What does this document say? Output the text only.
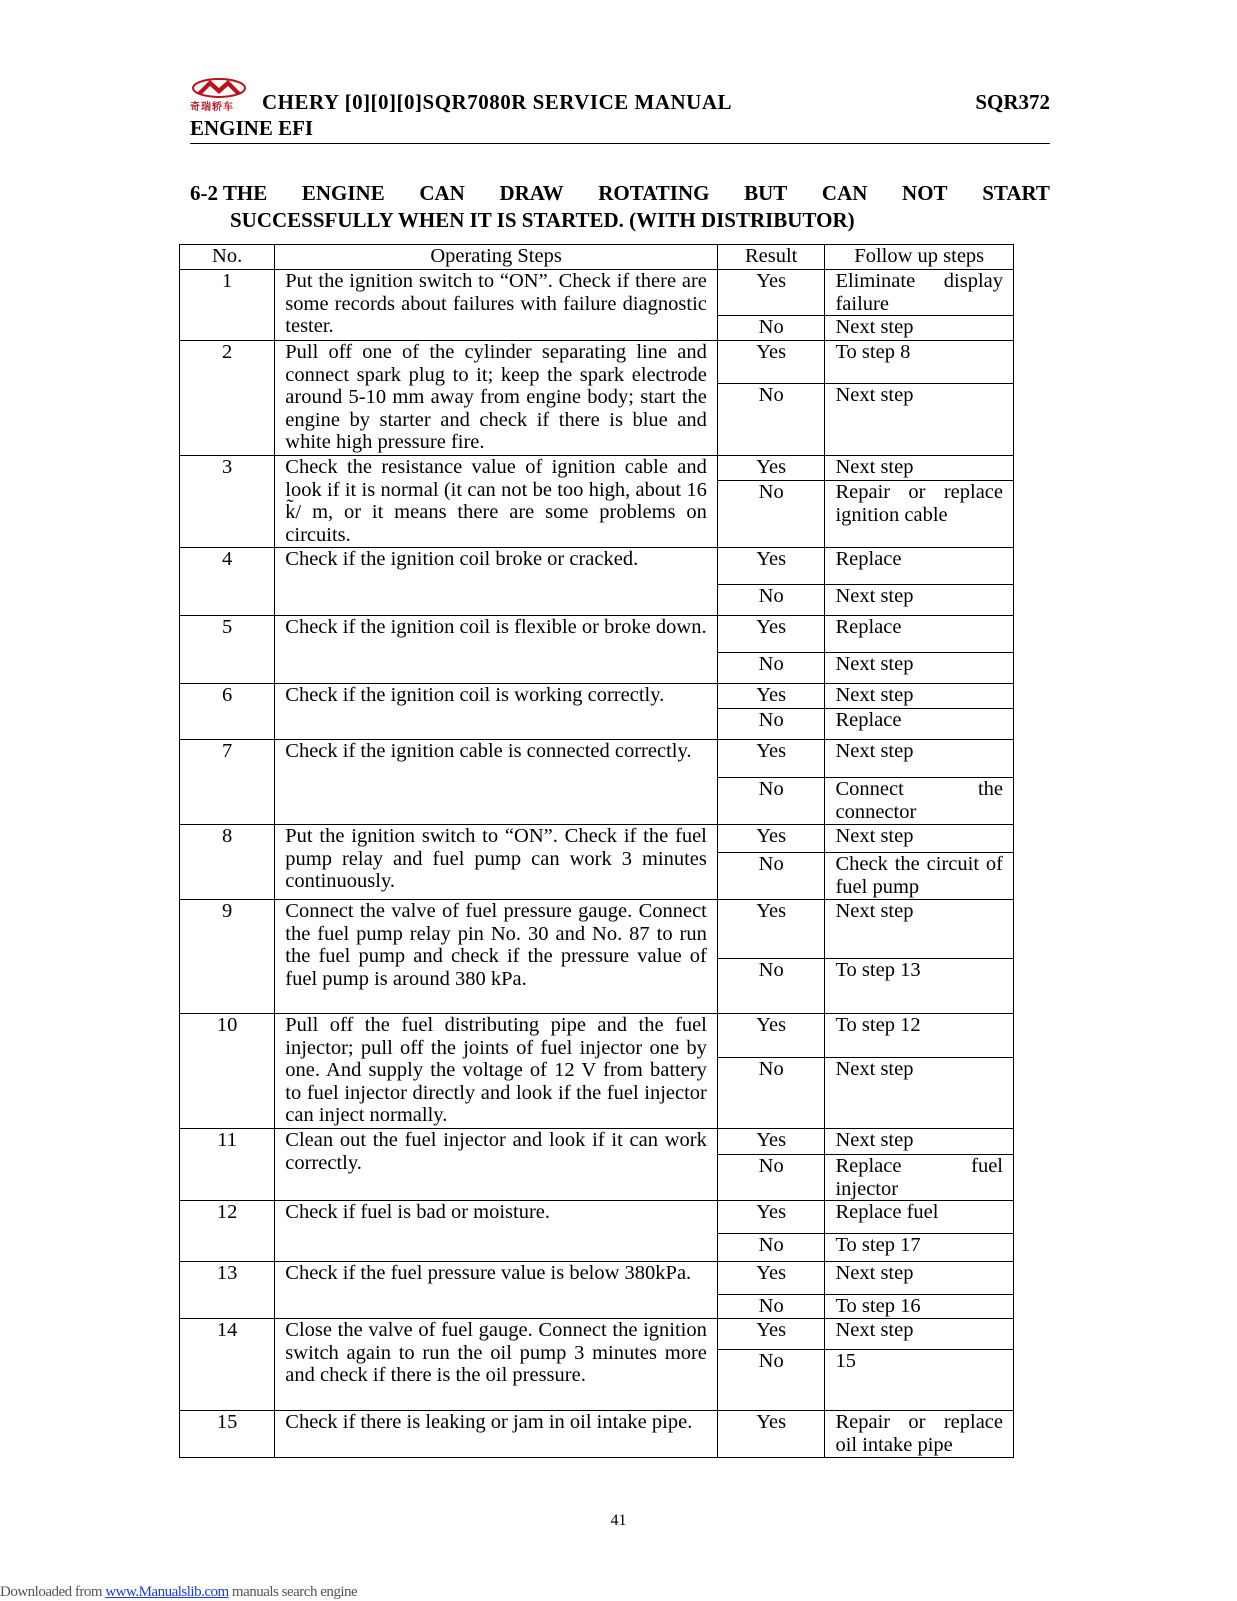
奇瑞轿车 CHERY [0][0][0]SQR7080R SERVICE MANUAL	SQR372
ENGINE EFI
6-2 THE ENGINE CAN DRAW ROTATING BUT CAN NOT START
SUCCESSFULLY WHEN IT IS STARTED. (WITH DISTRIBUTOR)
No.	Operating Steps	Result	Follow up steps
1	Put the ignition switch to “ON”. Check if there are some records about failures with failure diagnostic tester.	Yes	Eliminate display failure
		No	Next step
2	Pull off one of the cylinder separating line and connect spark plug to it; keep the spark electrode around 5-10 mm away from engine body; start the engine by starter and check if there is blue and white high pressure fire.	Yes	To step 8
		No	Next step
3	Check the resistance value of ignition cable and look if it is normal (it can not be too high, about 16 k̃/ m, or it means there are some problems on circuits.	Yes	Next step
		No	Repair or replace ignition cable
4	Check if the ignition coil broke or cracked.	Yes	Replace
		No	Next step
5	Check if the ignition coil is flexible or broke down.	Yes	Replace
		No	Next step
6	Check if the ignition coil is working correctly.	Yes	Next step
		No	Replace
7	Check if the ignition cable is connected correctly.	Yes	Next step
		No	Connect the connector
8	Put the ignition switch to “ON”. Check if the fuel pump relay and fuel pump can work 3 minutes continuously.	Yes	Next step
		No	Check the circuit of fuel pump
9	Connect the valve of fuel pressure gauge. Connect the fuel pump relay pin No. 30 and No. 87 to run the fuel pump and check if the pressure value of fuel pump is around 380 kPa.	Yes	Next step
		No	To step 13
10	Pull off the fuel distributing pipe and the fuel injector; pull off the joints of fuel injector one by one. And supply the voltage of 12 V from battery to fuel injector directly and look if the fuel injector can inject normally.	Yes	To step 12
		No	Next step
11	Clean out the fuel injector and look if it can work correctly.	Yes	Next step
		No	Replace fuel injector
12	Check if fuel is bad or moisture.	Yes	Replace fuel
		No	To step 17
13	Check if the fuel pressure value is below 380kPa.	Yes	Next step
		No	To step 16
14	Close the valve of fuel gauge. Connect the ignition switch again to run the oil pump 3 minutes more and check if there is the oil pressure.	Yes	Next step
		No	15
15	Check if there is leaking or jam in oil intake pipe.	Yes	Repair or replace oil intake pipe
41
Downloaded from www.Manualslib.com manuals search engine
